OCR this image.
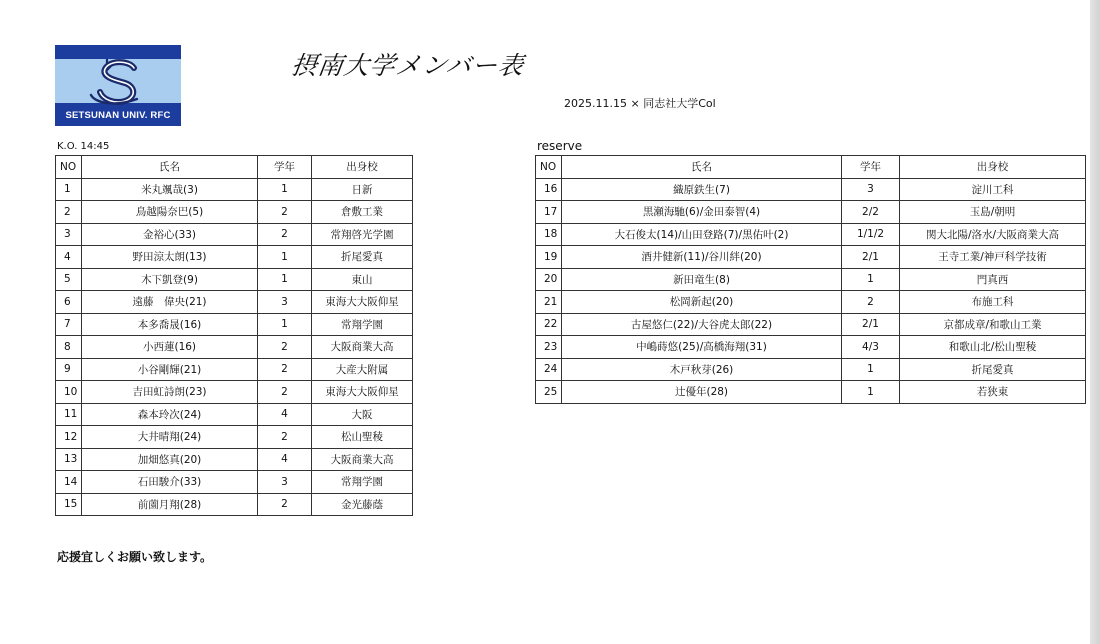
SETSUNAN UNIV. RFC
摂南大学メンバー表
2025.11.15 × 同志社大学Col
K.O. 14:45	reserve
NO	氏名	学年	出身校
1	米丸颯哉(3)	1	日新
2	鳥越陽奈巴(5)	2	倉敷工業
3	金裕心(33)	2	常翔啓光学園
4	野田涼太朗(13)	1	折尾愛真
5	木下凱登(9)	1	東山
6	遠藤　偉央(21)	3	東海大大阪仰星
7	本多喬晟(16)	1	常翔学園
8	小西蓮(16)	2	大阪商業大高
9	小谷剛輝(21)	2	大産大附属
10	吉田虹詩朗(23)	2	東海大大阪仰星
11	森本玲次(24)	4	大阪
12	大井晴翔(24)	2	松山聖稜
13	加畑悠真(20)	4	大阪商業大高
14	石田駿介(33)	3	常翔学園
15	前薗月翔(28)	2	金光藤蔭
NO	氏名	学年	出身校
16	織原鉄生(7)	3	淀川工科
17	黒瀬海馳(6)/金田泰智(4)	2/2	玉島/朝明
18	大石俊太(14)/山田登路(7)/黒佑叶(2)	1/1/2	関大北陽/洛水/大阪商業大高
19	酒井健新(11)/谷川絆(20)	2/1	王寺工業/神戸科学技術
20	新田竜生(8)	1	門真西
21	松岡新起(20)	2	布施工科
22	古屋悠仁(22)/大谷虎太郎(22)	2/1	京都成章/和歌山工業
23	中嶋蒔悠(25)/高橋海翔(31)	4/3	和歌山北/松山聖稜
24	木戸秋芽(26)	1	折尾愛真
25	辻優年(28)	1	若狭東
応援宜しくお願い致します。
